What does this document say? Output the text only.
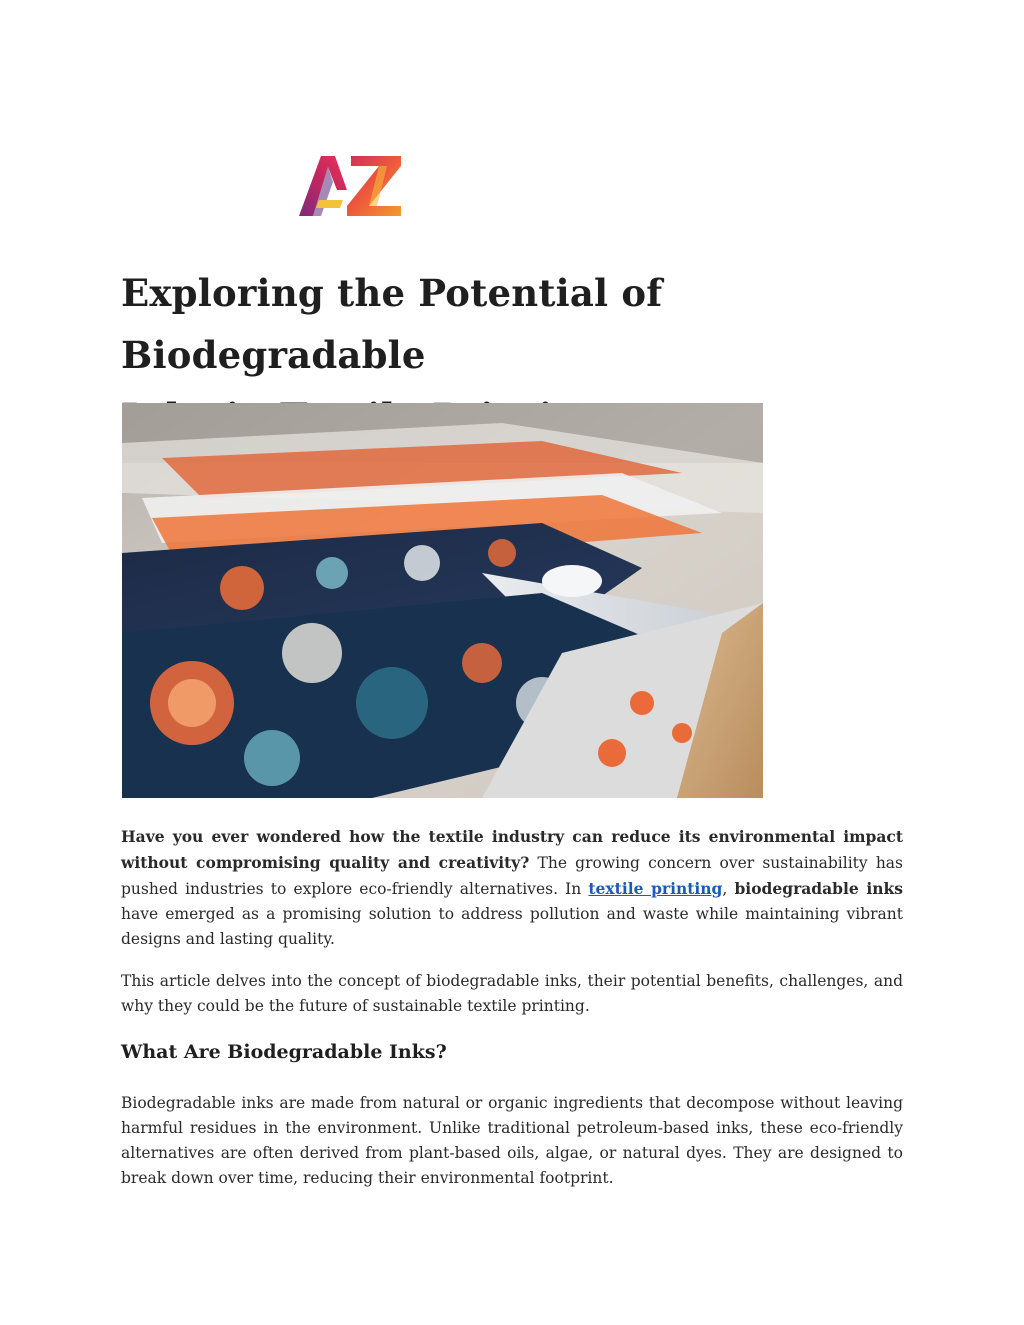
Exploring the Potential of Biodegradable

Have you ever wondered how the textile industry can reduce its environmental impact without compromising quality and creativity? The growing concern over sustainability has pushed industries to explore eco-friendly alternatives. In textile printing, biodegradable inks have emerged as a promising solution to address pollution and waste while maintaining vibrant designs and lasting quality.

This article delves into the concept of biodegradable inks, their potential benefits, challenges, and why they could be the future of sustainable textile printing.

What Are Biodegradable Inks?

Biodegradable inks are made from natural or organic ingredients that decompose without leaving harmful residues in the environment. Unlike traditional petroleum-based inks, these eco-friendly alternatives are often derived from plant-based oils, algae, or natural dyes. They are designed to break down over time, reducing their environmental footprint.
